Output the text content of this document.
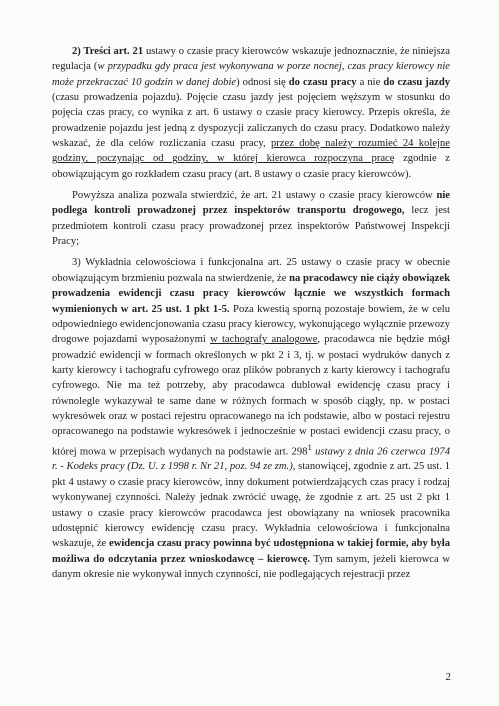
2) Treści art. 21 ustawy o czasie pracy kierowców wskazuje jednoznacznie, że niniejsza regulacja (w przypadku gdy praca jest wykonywana w porze nocnej, czas pracy kierowcy nie może przekraczać 10 godzin w danej dobie) odnosi się do czasu pracy a nie do czasu jazdy (czasu prowadzenia pojazdu). Pojęcie czasu jazdy jest pojęciem węższym w stosunku do pojęcia czas pracy, co wynika z art. 6 ustawy o czasie pracy kierowcy. Przepis określa, że prowadzenie pojazdu jest jedną z dyspozycji zaliczanych do czasu pracy. Dodatkowo należy wskazać, że dla celów rozliczania czasu pracy, przez dobę należy rozumieć 24 kolejne godziny, poczynając od godziny, w której kierowca rozpoczyna pracę zgodnie z obowiązującym go rozkładem czasu pracy (art. 8 ustawy o czasie pracy kierowców).

Powyższa analiza pozwala stwierdzić, że art. 21 ustawy o czasie pracy kierowców nie podlega kontroli prowadzonej przez inspektorów transportu drogowego, lecz jest przedmiotem kontroli czasu pracy prowadzonej przez inspektorów Państwowej Inspekcji Pracy;

3) Wykładnia celowościowa i funkcjonalna art. 25 ustawy o czasie pracy w obecnie obowiązującym brzmieniu pozwala na stwierdzenie, że na pracodawcy nie ciąży obowiązek prowadzenia ewidencji czasu pracy kierowców łącznie we wszystkich formach wymienionych w art. 25 ust. 1 pkt 1-5. Poza kwestią sporną pozostaje bowiem, że w celu odpowiedniego ewidencjonowania czasu pracy kierowcy, wykonującego wyłącznie przewozy drogowe pojazdami wyposażonymi w tachografy analogowe, pracodawca nie będzie mógł prowadzić ewidencji w formach określonych w pkt 2 i 3, tj. w postaci wydruków danych z karty kierowcy i tachografu cyfrowego oraz plików pobranych z karty kierowcy i tachografu cyfrowego. Nie ma też potrzeby, aby pracodawca dublował ewidencję czasu pracy i równolegle wykazywał te same dane w różnych formach w sposób ciągły, np. w postaci wykresówek oraz w postaci rejestru opracowanego na ich podstawie, albo w postaci rejestru opracowanego na podstawie wykresówek i jednocześnie w postaci ewidencji czasu pracy, o której mowa w przepisach wydanych na podstawie art. $298^1$ ustawy z dnia 26 czerwca 1974 r. - Kodeks pracy (Dz. U. z 1998 r. Nr 21, poz. 94 ze zm.), stanowiącej, zgodnie z art. 25 ust. 1 pkt 4 ustawy o czasie pracy kierowców, inny dokument potwierdzających czas pracy i rodzaj wykonywanej czynności. Należy jednak zwrócić uwagę, że zgodnie z art. 25 ust 2 pkt 1 ustawy o czasie pracy kierowców pracodawca jest obowiązany na wniosek pracownika udostępnić kierowcy ewidencję czasu pracy. Wykładnia celowościowa i funkcjonalna wskazuje, że ewidencja czasu pracy powinna być udostępniona w takiej formie, aby była możliwa do odczytania przez wnioskodawcę – kierowcę. Tym samym, jeżeli kierowca w danym okresie nie wykonywał innych czynności, nie podlegających rejestracji przez

2
